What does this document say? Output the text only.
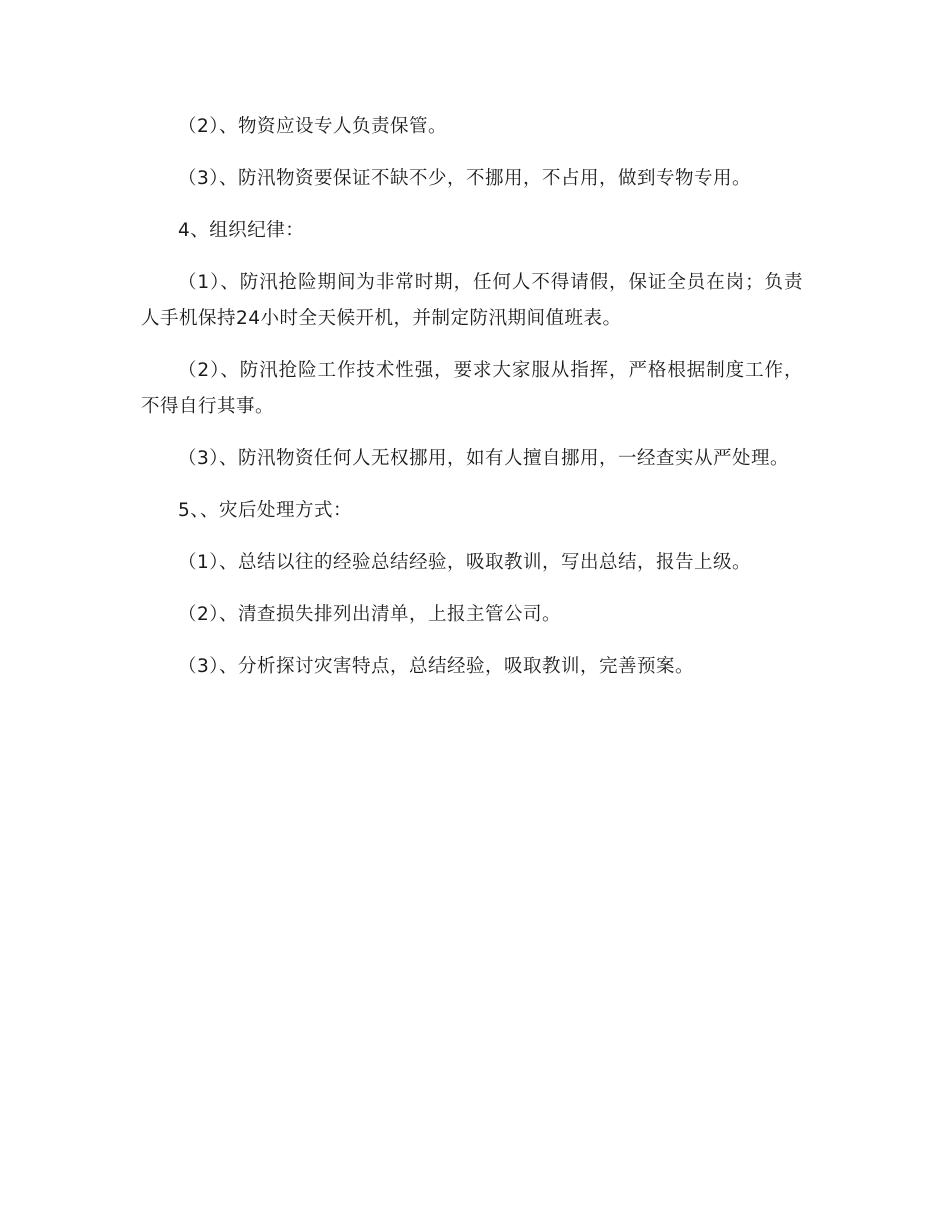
（2）、物资应设专人负责保管。

（3）、防汛物资要保证不缺不少，不挪用，不占用，做到专物专用。

4、组织纪律：

（1）、防汛抢险期间为非常时期，任何人不得请假，保证全员在岗；负责人手机保持24小时全天候开机，并制定防汛期间值班表。

（2）、防汛抢险工作技术性强，要求大家服从指挥，严格根据制度工作，不得自行其事。

（3）、防汛物资任何人无权挪用，如有人擅自挪用，一经查实从严处理。

5、、灾后处理方式：

（1）、总结以往的经验总结经验，吸取教训，写出总结，报告上级。

（2）、清查损失排列出清单，上报主管公司。

（3）、分析探讨灾害特点，总结经验，吸取教训，完善预案。
